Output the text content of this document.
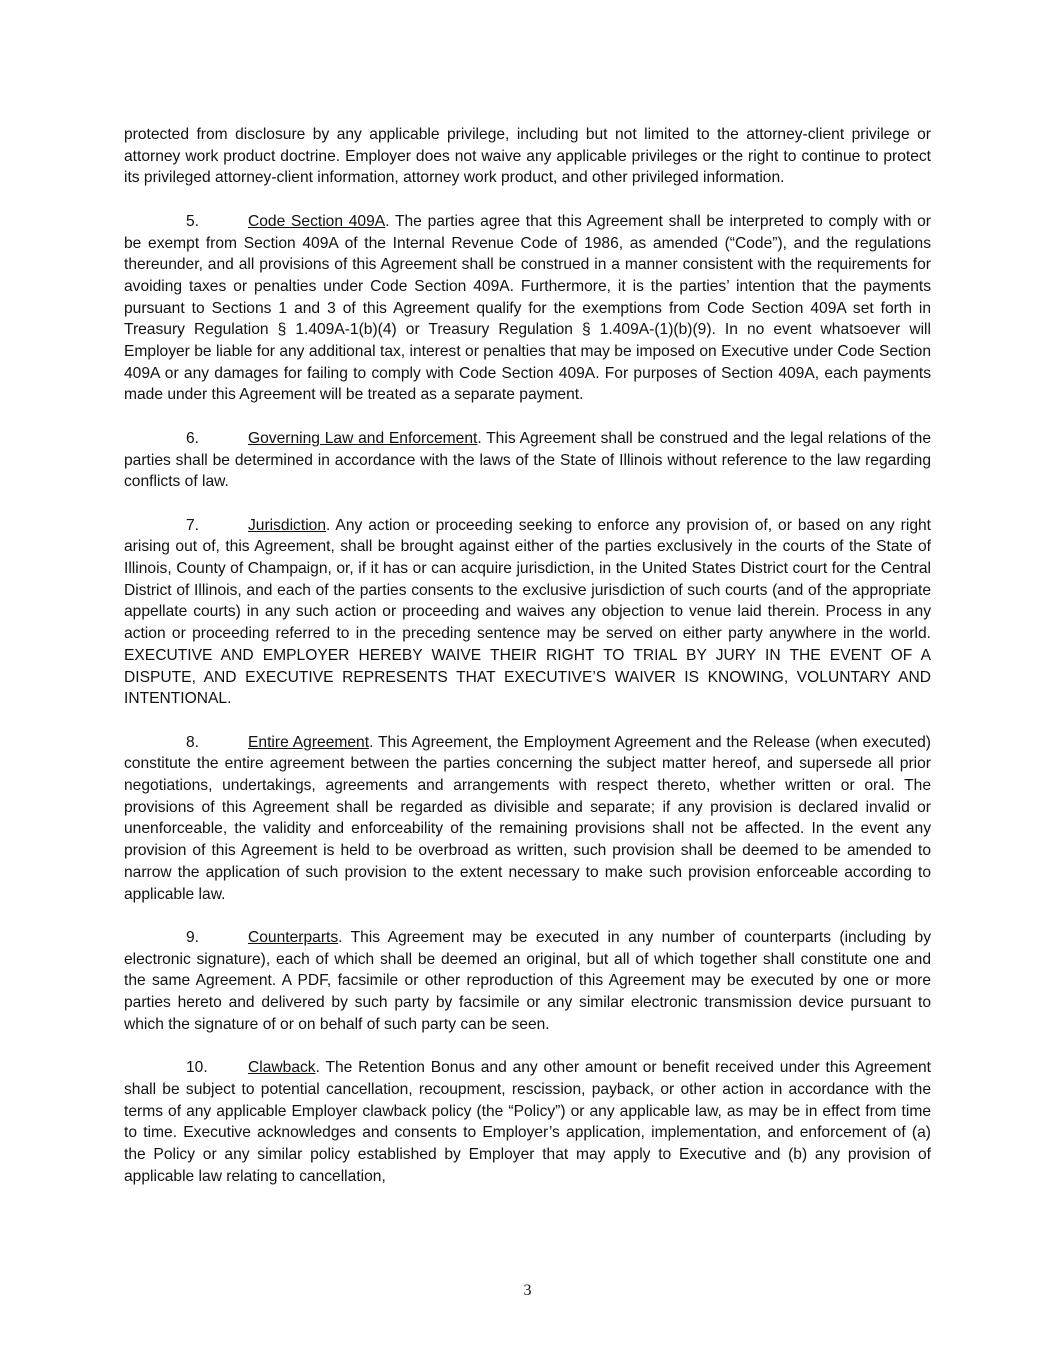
protected from disclosure by any applicable privilege, including but not limited to the attorney-client privilege or attorney work product doctrine. Employer does not waive any applicable privileges or the right to continue to protect its privileged attorney-client information, attorney work product, and other privileged information.

5.	Code Section 409A. The parties agree that this Agreement shall be interpreted to comply with or be exempt from Section 409A of the Internal Revenue Code of 1986, as amended (“Code”), and the regulations thereunder, and all provisions of this Agreement shall be construed in a manner consistent with the requirements for avoiding taxes or penalties under Code Section 409A. Furthermore, it is the parties’ intention that the payments pursuant to Sections 1 and 3 of this Agreement qualify for the exemptions from Code Section 409A set forth in Treasury Regulation § 1.409A-1(b)(4) or Treasury Regulation § 1.409A-(1)(b)(9). In no event whatsoever will Employer be liable for any additional tax, interest or penalties that may be imposed on Executive under Code Section 409A or any damages for failing to comply with Code Section 409A. For purposes of Section 409A, each payments made under this Agreement will be treated as a separate payment.

6.	Governing Law and Enforcement. This Agreement shall be construed and the legal relations of the parties shall be determined in accordance with the laws of the State of Illinois without reference to the law regarding conflicts of law.

7.	Jurisdiction. Any action or proceeding seeking to enforce any provision of, or based on any right arising out of, this Agreement, shall be brought against either of the parties exclusively in the courts of the State of Illinois, County of Champaign, or, if it has or can acquire jurisdiction, in the United States District court for the Central District of Illinois, and each of the parties consents to the exclusive jurisdiction of such courts (and of the appropriate appellate courts) in any such action or proceeding and waives any objection to venue laid therein. Process in any action or proceeding referred to in the preceding sentence may be served on either party anywhere in the world. EXECUTIVE AND EMPLOYER HEREBY WAIVE THEIR RIGHT TO TRIAL BY JURY IN THE EVENT OF A DISPUTE, AND EXECUTIVE REPRESENTS THAT EXECUTIVE’S WAIVER IS KNOWING, VOLUNTARY AND INTENTIONAL.

8.	Entire Agreement. This Agreement, the Employment Agreement and the Release (when executed) constitute the entire agreement between the parties concerning the subject matter hereof, and supersede all prior negotiations, undertakings, agreements and arrangements with respect thereto, whether written or oral. The provisions of this Agreement shall be regarded as divisible and separate; if any provision is declared invalid or unenforceable, the validity and enforceability of the remaining provisions shall not be affected. In the event any provision of this Agreement is held to be overbroad as written, such provision shall be deemed to be amended to narrow the application of such provision to the extent necessary to make such provision enforceable according to applicable law.

9.	Counterparts. This Agreement may be executed in any number of counterparts (including by electronic signature), each of which shall be deemed an original, but all of which together shall constitute one and the same Agreement. A PDF, facsimile or other reproduction of this Agreement may be executed by one or more parties hereto and delivered by such party by facsimile or any similar electronic transmission device pursuant to which the signature of or on behalf of such party can be seen.

10.	Clawback. The Retention Bonus and any other amount or benefit received under this Agreement shall be subject to potential cancellation, recoupment, rescission, payback, or other action in accordance with the terms of any applicable Employer clawback policy (the “Policy”) or any applicable law, as may be in effect from time to time. Executive acknowledges and consents to Employer’s application, implementation, and enforcement of (a) the Policy or any similar policy established by Employer that may apply to Executive and (b) any provision of applicable law relating to cancellation,

3
